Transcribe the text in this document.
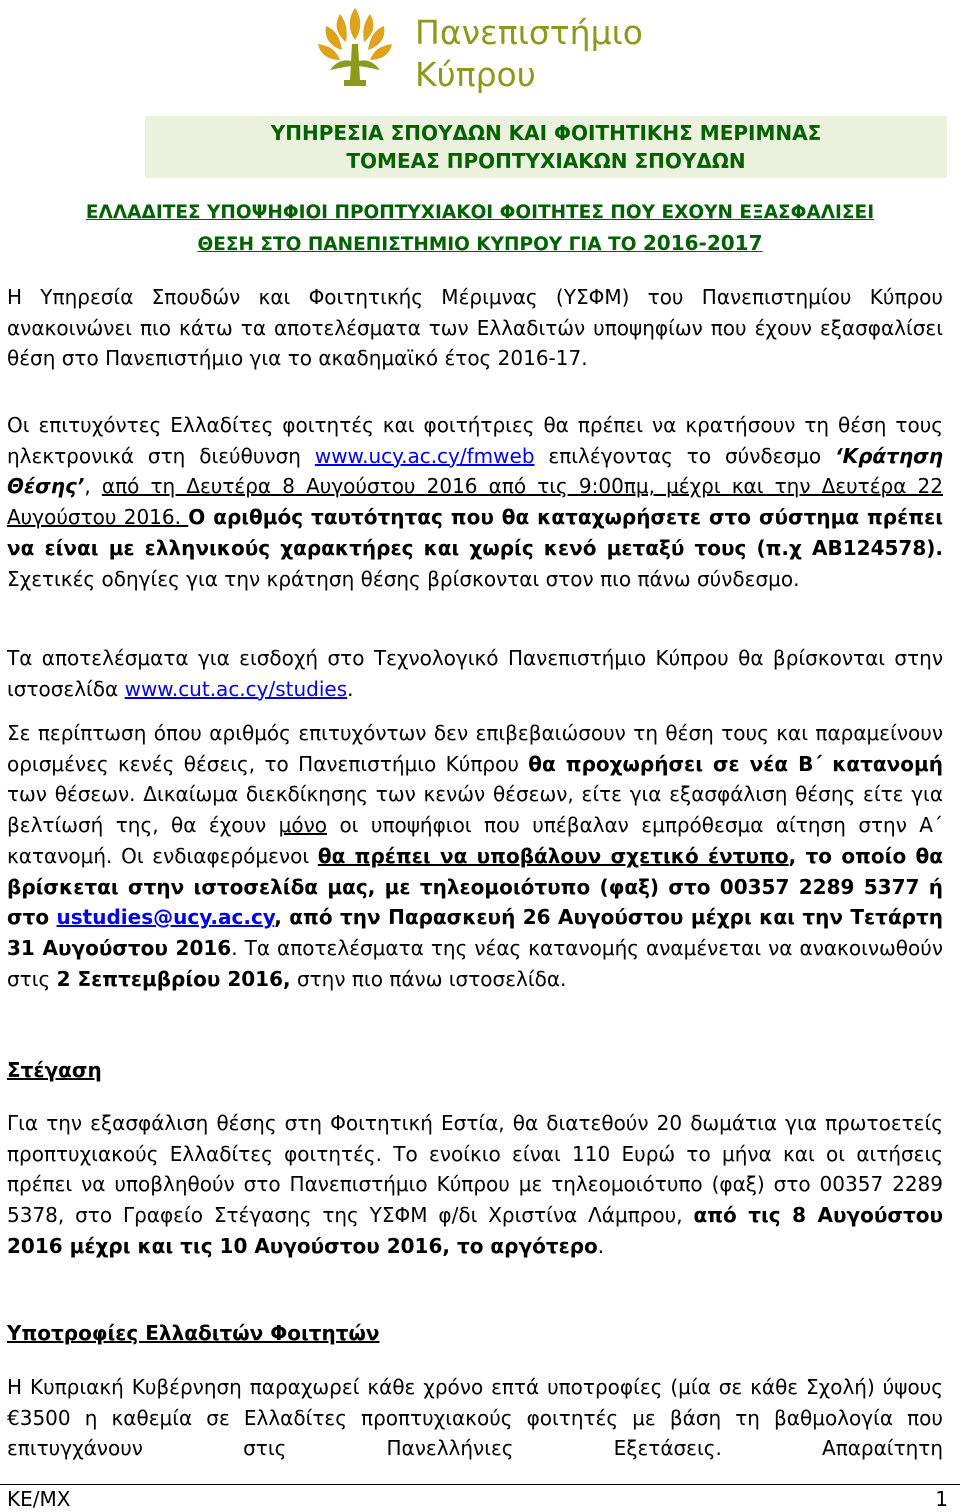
Πανεπιστήμιο
Κύπρου
ΥΠΗΡΕΣΙΑ ΣΠΟΥΔΩΝ ΚΑΙ ΦΟΙΤΗΤΙΚΗΣ ΜΕΡΙΜΝΑΣ
ΤΟΜΕΑΣ ΠΡΟΠΤΥΧΙΑΚΩΝ ΣΠΟΥΔΩΝ
ΕΛΛΑΔΙΤΕΣ ΥΠΟΨΗΦΙΟΙ ΠΡΟΠΤΥΧΙΑΚΟΙ ΦΟΙΤΗΤΕΣ ΠΟΥ ΕΧΟΥΝ ΕΞΑΣΦΑΛΙΣΕΙ
ΘΕΣΗ ΣΤΟ ΠΑΝΕΠΙΣΤΗΜΙΟ ΚΥΠΡΟΥ ΓΙΑ ΤΟ 2016-2017
Η Υπηρεσία Σπουδών και Φοιτητικής Μέριμνας (ΥΣΦΜ) του Πανεπιστημίου Κύπρου ανακοινώνει πιο κάτω τα αποτελέσματα των Ελλαδιτών υποψηφίων που έχουν εξασφαλίσει θέση στο Πανεπιστήμιο για το ακαδημαϊκό έτος 2016-17.
Οι επιτυχόντες Ελλαδίτες φοιτητές και φοιτήτριες θα πρέπει να κρατήσουν τη θέση τους ηλεκτρονικά στη διεύθυνση www.ucy.ac.cy/fmweb επιλέγοντας το σύνδεσμο ‘Κράτηση Θέσης’, από τη Δευτέρα 8 Αυγούστου 2016 από τις 9:00πμ, μέχρι και την Δευτέρα 22 Αυγούστου 2016. Ο αριθμός ταυτότητας που θα καταχωρήσετε στο σύστημα πρέπει να είναι με ελληνικούς χαρακτήρες και χωρίς κενό μεταξύ τους (π.χ ΑΒ124578). Σχετικές οδηγίες για την κράτηση θέσης βρίσκονται στον πιο πάνω σύνδεσμο.
Τα αποτελέσματα για εισδοχή στο Τεχνολογικό Πανεπιστήμιο Κύπρου θα βρίσκονται στην ιστοσελίδα www.cut.ac.cy/studies.
Σε περίπτωση όπου αριθμός επιτυχόντων δεν επιβεβαιώσουν τη θέση τους και παραμείνουν ορισμένες κενές θέσεις, το Πανεπιστήμιο Κύπρου θα προχωρήσει σε νέα Β΄ κατανομή των θέσεων. Δικαίωμα διεκδίκησης των κενών θέσεων, είτε για εξασφάλιση θέσης είτε για βελτίωσή της, θα έχουν μόνο οι υποψήφιοι που υπέβαλαν εμπρόθεσμα αίτηση στην Α΄ κατανομή. Οι ενδιαφερόμενοι θα πρέπει να υποβάλουν σχετικό έντυπο, το οποίο θα βρίσκεται στην ιστοσελίδα μας, με τηλεομοιότυπο (φαξ) στο 00357 2289 5377 ή στο ustudies@ucy.ac.cy, από την Παρασκευή 26 Αυγούστου μέχρι και την Τετάρτη 31 Αυγούστου 2016. Τα αποτελέσματα της νέας κατανομής αναμένεται να ανακοινωθούν στις 2 Σεπτεμβρίου 2016, στην πιο πάνω ιστοσελίδα.
Στέγαση
Για την εξασφάλιση θέσης στη Φοιτητική Εστία, θα διατεθούν 20 δωμάτια για πρωτοετείς προπτυχιακούς Ελλαδίτες φοιτητές. Το ενοίκιο είναι 110 Ευρώ το μήνα και οι αιτήσεις πρέπει να υποβληθούν στο Πανεπιστήμιο Κύπρου με τηλεομοιότυπο (φαξ) στο 00357 2289 5378, στο Γραφείο Στέγασης της ΥΣΦΜ φ/δι Χριστίνα Λάμπρου, από τις 8 Αυγούστου 2016 μέχρι και τις 10 Αυγούστου 2016, το αργότερο.
Υποτροφίες Ελλαδιτών Φοιτητών
Η Κυπριακή Κυβέρνηση παραχωρεί κάθε χρόνο επτά υποτροφίες (μία σε κάθε Σχολή) ύψους €3500 η καθεμία σε Ελλαδίτες προπτυχιακούς φοιτητές με βάση τη βαθμολογία που επιτυγχάνουν στις Πανελλήνιες Εξετάσεις. Απαραίτητη
ΚΕ/ΜΧ	1
